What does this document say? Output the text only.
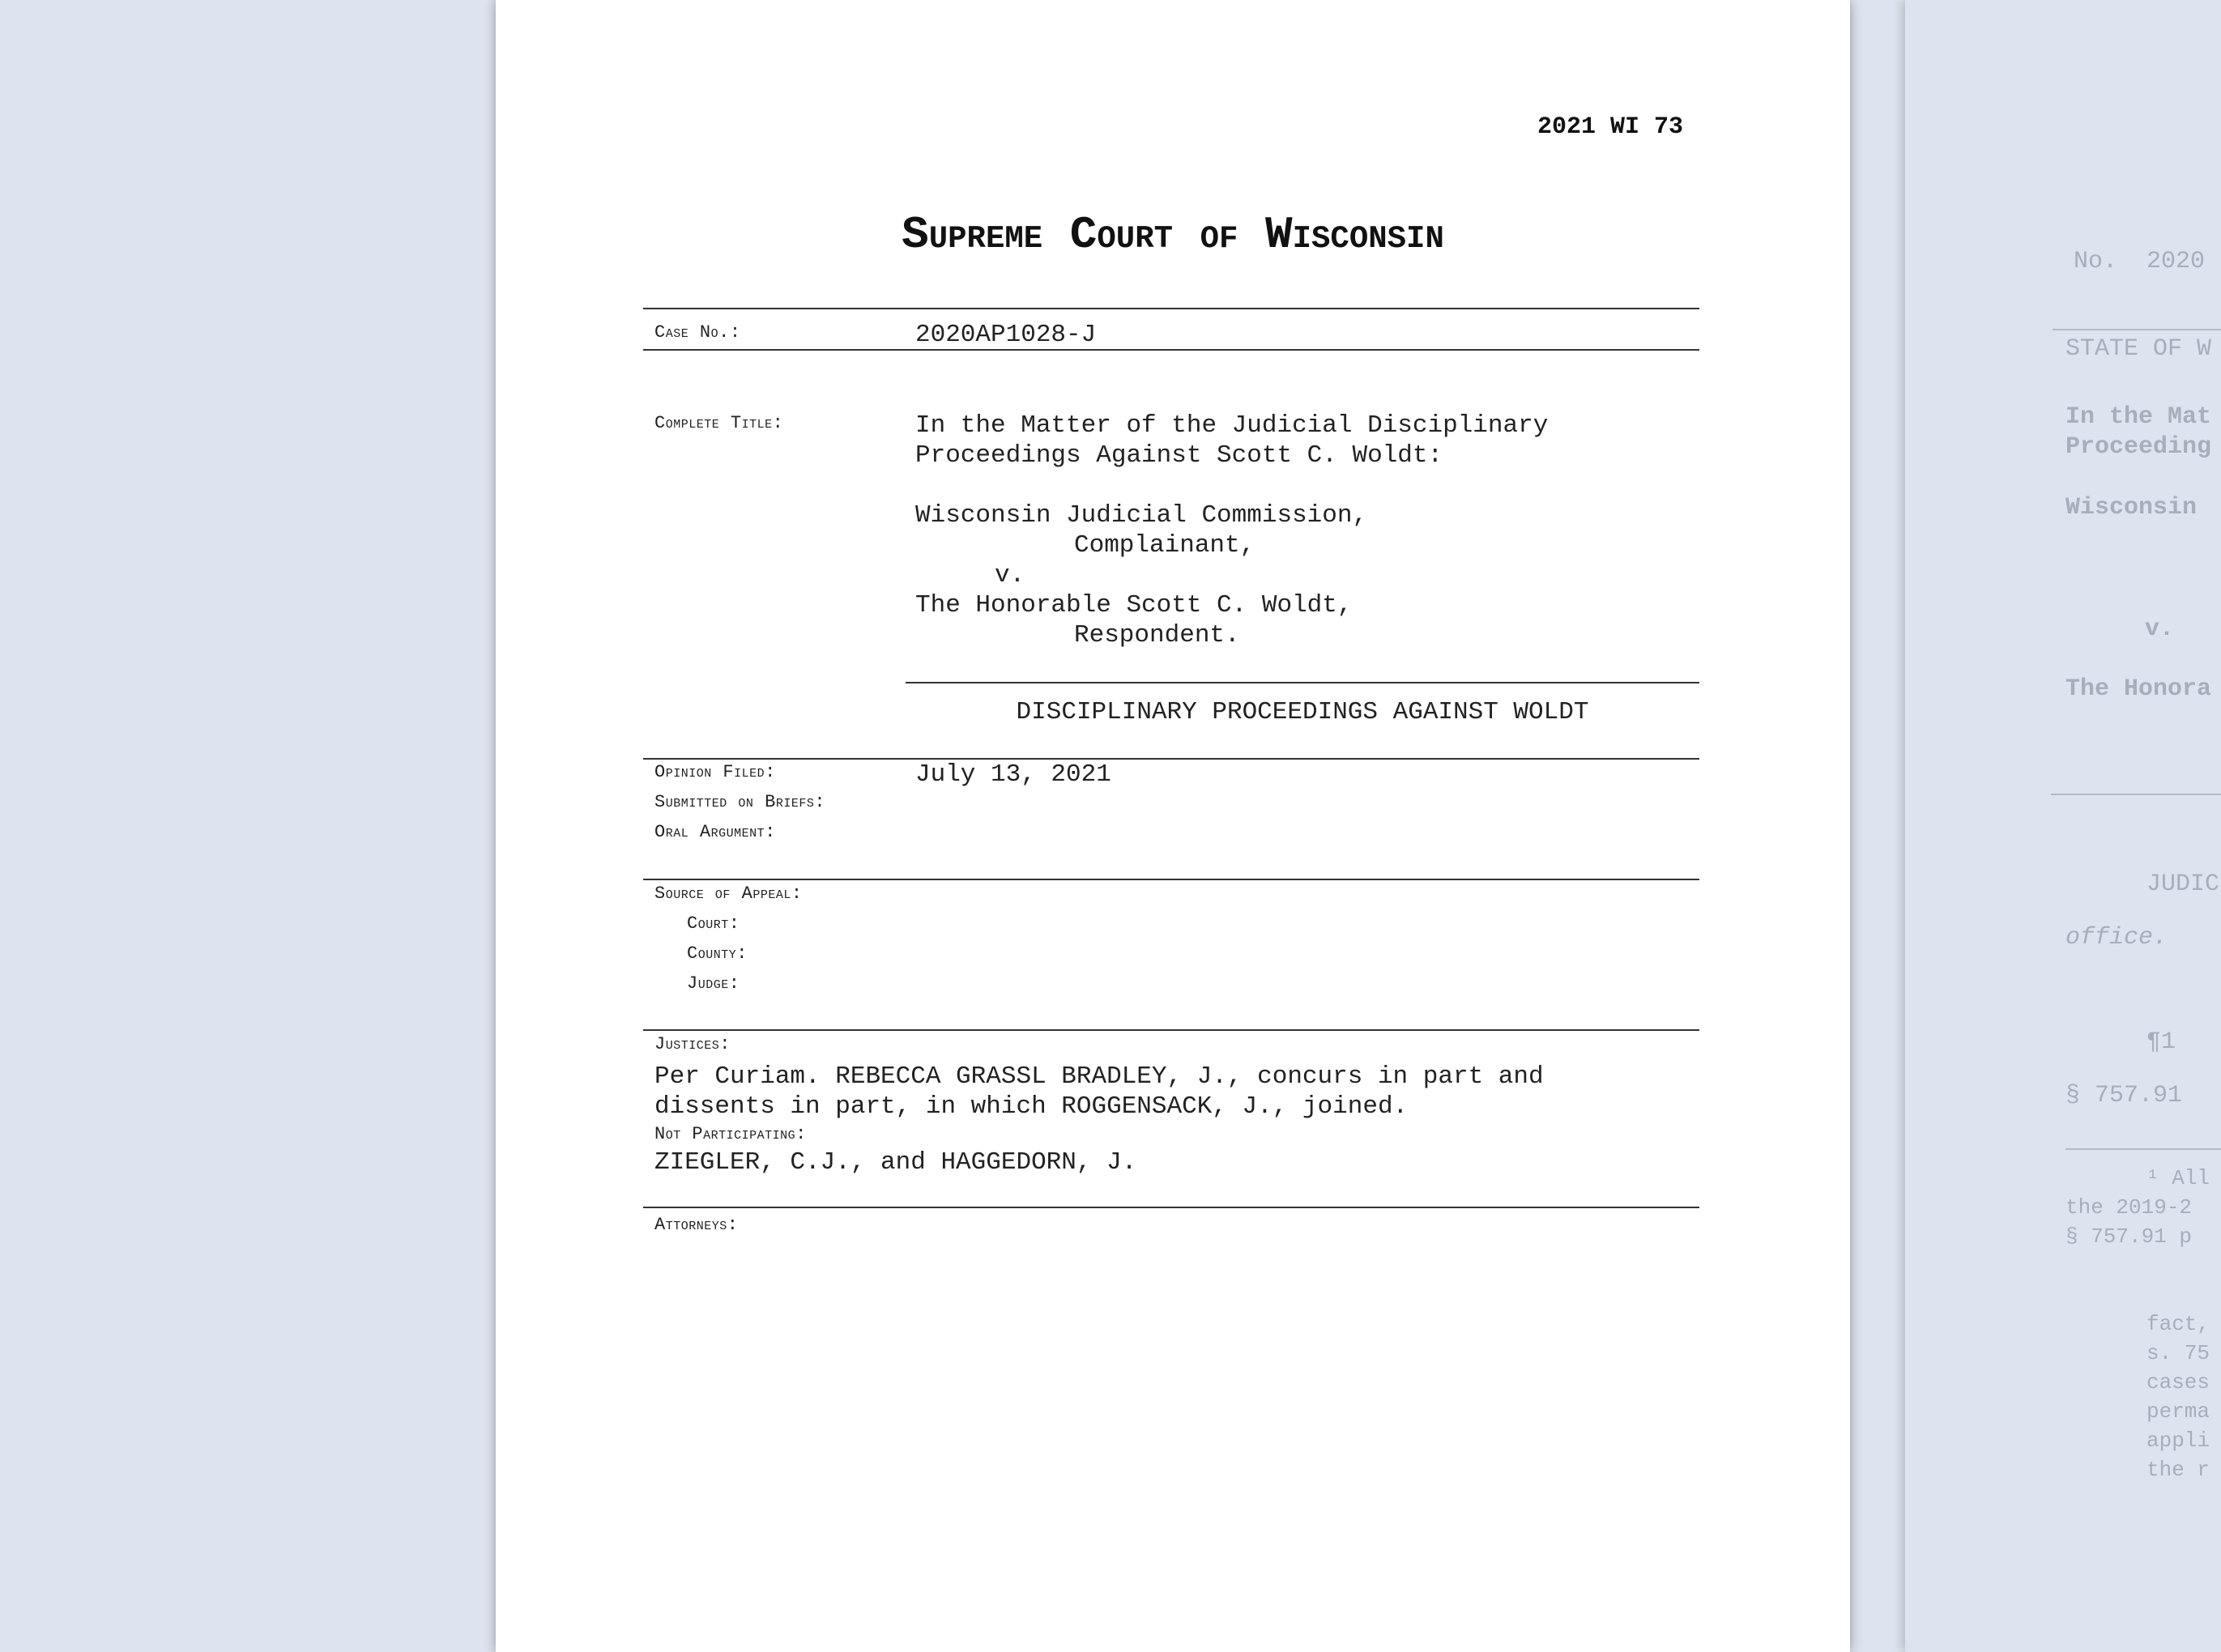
2021 WI 73
Supreme Court of Wisconsin
Case No.:	2020AP1028-J
Complete Title:	In the Matter of the Judicial Disciplinary
Proceedings Against Scott C. Woldt:
Wisconsin Judicial Commission,
Complainant,
v.
The Honorable Scott C. Woldt,
Respondent.
DISCIPLINARY PROCEEDINGS AGAINST WOLDT
Opinion Filed:	July 13, 2021
Submitted on Briefs:
Oral Argument:
Source of Appeal:
Court:
County:
Judge:
Justices:
Per Curiam. REBECCA GRASSL BRADLEY, J., concurs in part and
dissents in part, in which ROGGENSACK, J., joined.
Not Participating:
ZIEGLER, C.J., and HAGGEDORN, J.
Attorneys:
No.  2020
STATE OF W
In the Mat
Proceeding
Wisconsin
v.
The Honora
JUDIC
office.
¶1
§ 757.91
¹ All
the 2019-2
§ 757.91 p
fact,
s. 75
cases
perma
appli
the r
